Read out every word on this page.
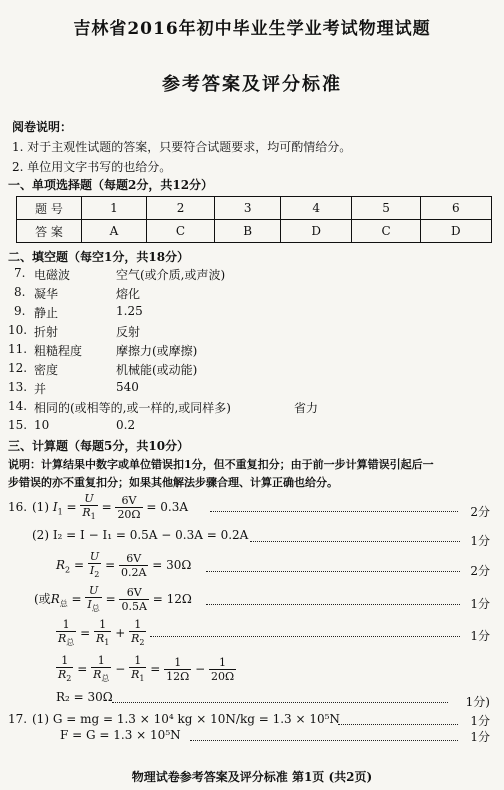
吉林省2016年初中毕业生学业考试物理试题
参考答案及评分标准
阅卷说明：
1. 对于主观性试题的答案，只要符合试题要求，均可酌情给分。
2. 单位用文字书写的也给分。
一、单项选择题（每题2分，共12分）
题 号	1	2	3	4	5	6
答 案	A	C	B	D	C	D
二、填空题（每空1分，共18分）
7. 电磁波	空气(或介质,或声波)
8. 凝华	熔化
9. 静止	1.25
10. 折射	反射
11. 粗糙程度	摩擦力(或摩擦)
12. 密度	机械能(或动能)
13. 并	540
14. 相同的(或相等的,或一样的,或同样多)	省力
15. 10	0.2
三、计算题（每题5分，共10分）
说明：计算结果中数字或单位错误扣1分，但不重复扣分；由于前一步计算错误引起后一
步错误的亦不重复扣分；如果其他解法步骤合理、计算正确也给分。
16. (1) $I_1 = \frac{U}{R_1} = \frac{6V}{20\Omega} = 0.3A$	2分
(2) I₂ = I − I₁ = 0.5A − 0.3A = 0.2A	1分
$R_2 = \frac{U}{I_2} = \frac{6V}{0.2A} = 30\Omega$	2分
(或$R_总 = \frac{U}{I_总} = \frac{6V}{0.5A} = 12\Omega$	1分
$\frac{1}{R_总} = \frac{1}{R_1} + \frac{1}{R_2}$	1分
$\frac{1}{R_2} = \frac{1}{R_总} - \frac{1}{R_1} = \frac{1}{12\Omega} - \frac{1}{20\Omega}$
R₂ = 30Ω	1分)
17. (1) G = mg = 1.3 × 10⁴ kg × 10N/kg = 1.3 × 10⁵N	1分
F = G = 1.3 × 10⁵N	1分
物理试卷参考答案及评分标准 第1页 (共2页)
